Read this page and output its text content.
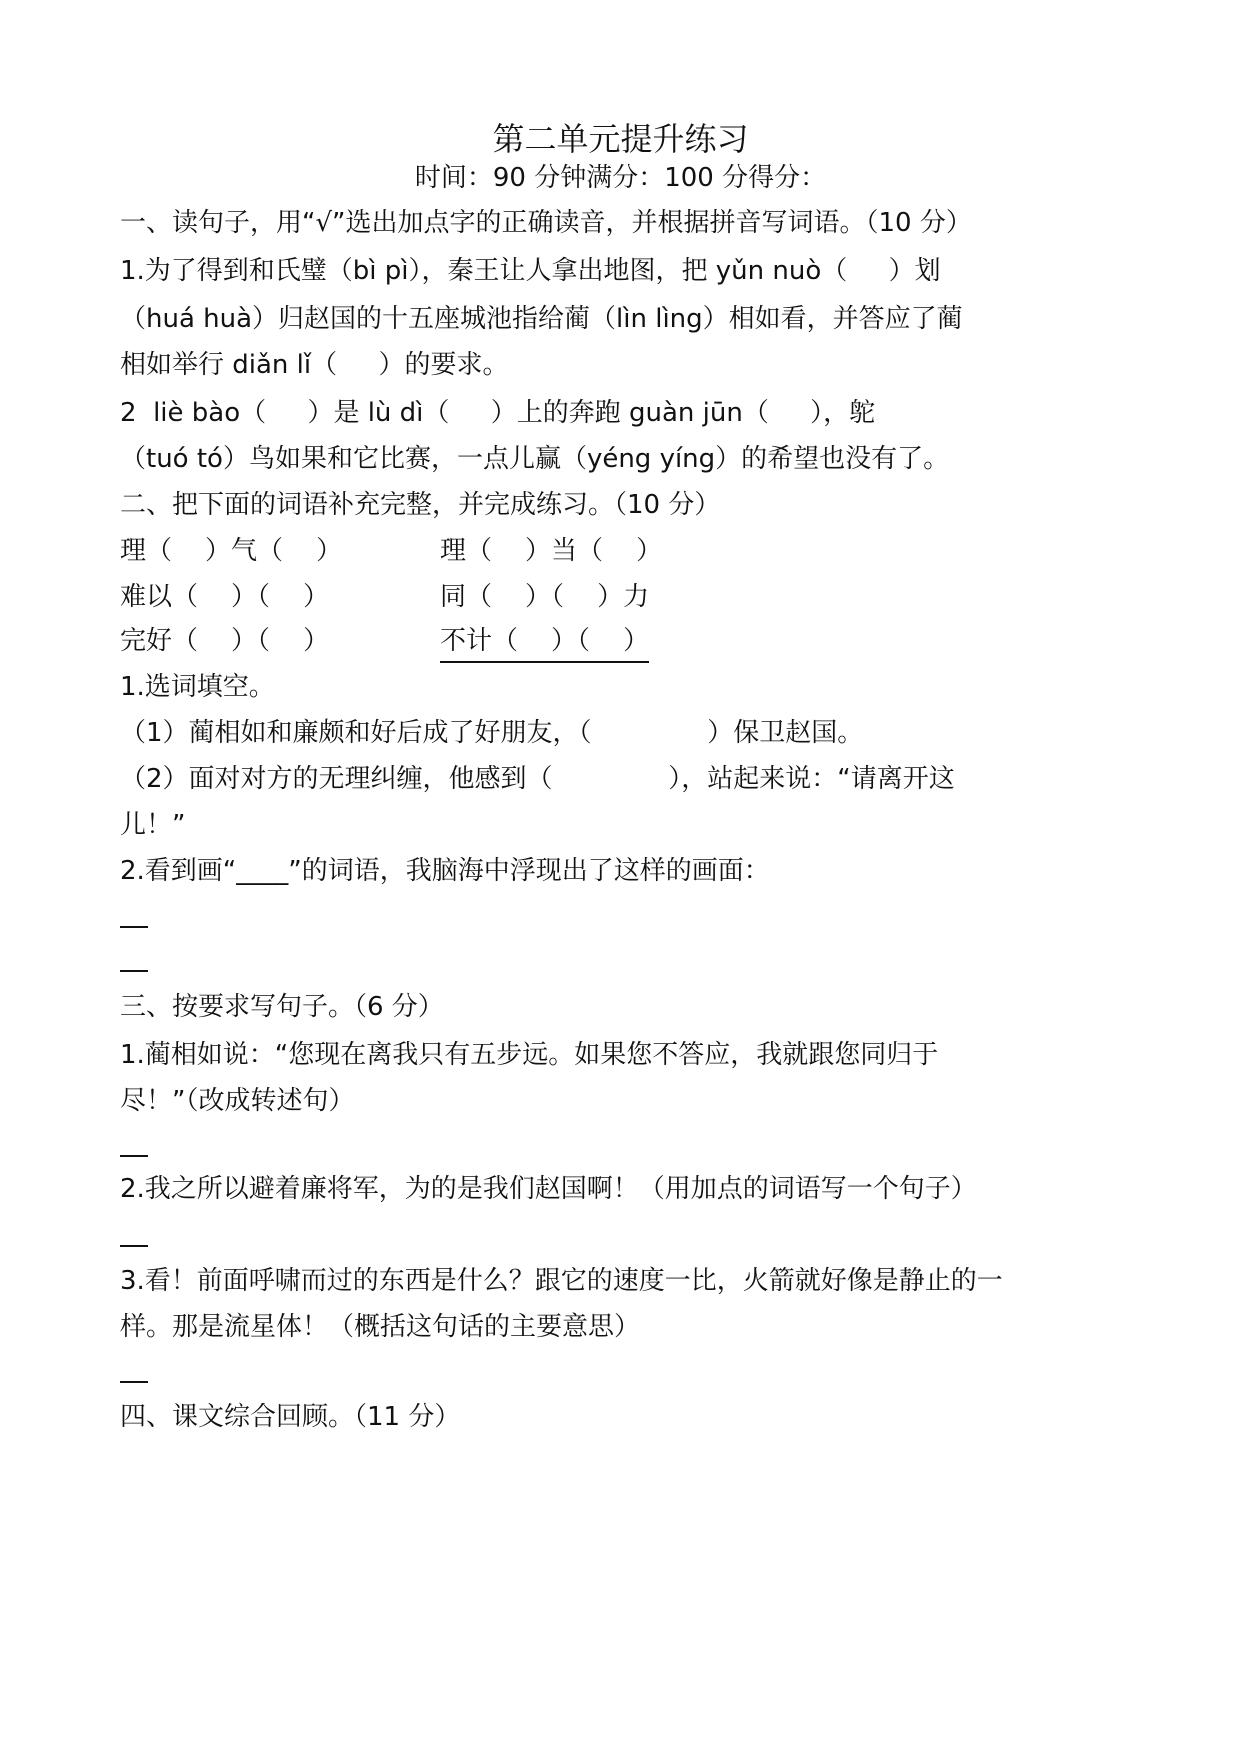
第二单元提升练习
时间：90 分钟满分：100 分得分：
一、读句子，用“√”选出加点字的正确读音，并根据拼音写词语。（10 分）
1.为了得到和氏璧（bì pì），秦王让人拿出地图，把 yǔn nuò（     ）划
（huá huà）归赵国的十五座城池指给蔺（lìn lìng）相如看，并答应了蔺
相如举行 diǎn lǐ（     ）的要求。
2  liè bào（     ）是 lù dì（     ）上的奔跑 guàn jūn（     ），鸵
（tuó tó）鸟如果和它比赛，一点儿赢（yéng yíng）的希望也没有了。
二、把下面的词语补充完整，并完成练习。（10 分）
理（    ）气（    ）	理（    ）当（    ）
难以（    ）（    ）	同（    ）（    ）力
完好（    ）（    ）	不计（    ）（    ）
1.选词填空。
（1）蔺相如和廉颇和好后成了好朋友，（              ）保卫赵国。
（2）面对对方的无理纠缠，他感到（              ），站起来说：“请离开这
儿！”
2.看到画“____”的词语，我脑海中浮现出了这样的画面：
三、按要求写句子。（6 分）
1.蔺相如说：“您现在离我只有五步远。如果您不答应，我就跟您同归于
尽！”（改成转述句）
2.我之所以避着廉将军，为的是我们赵国啊！（用加点的词语写一个句子）
3.看！前面呼啸而过的东西是什么？跟它的速度一比，火箭就好像是静止的一
样。那是流星体！（概括这句话的主要意思）
四、课文综合回顾。（11 分）
